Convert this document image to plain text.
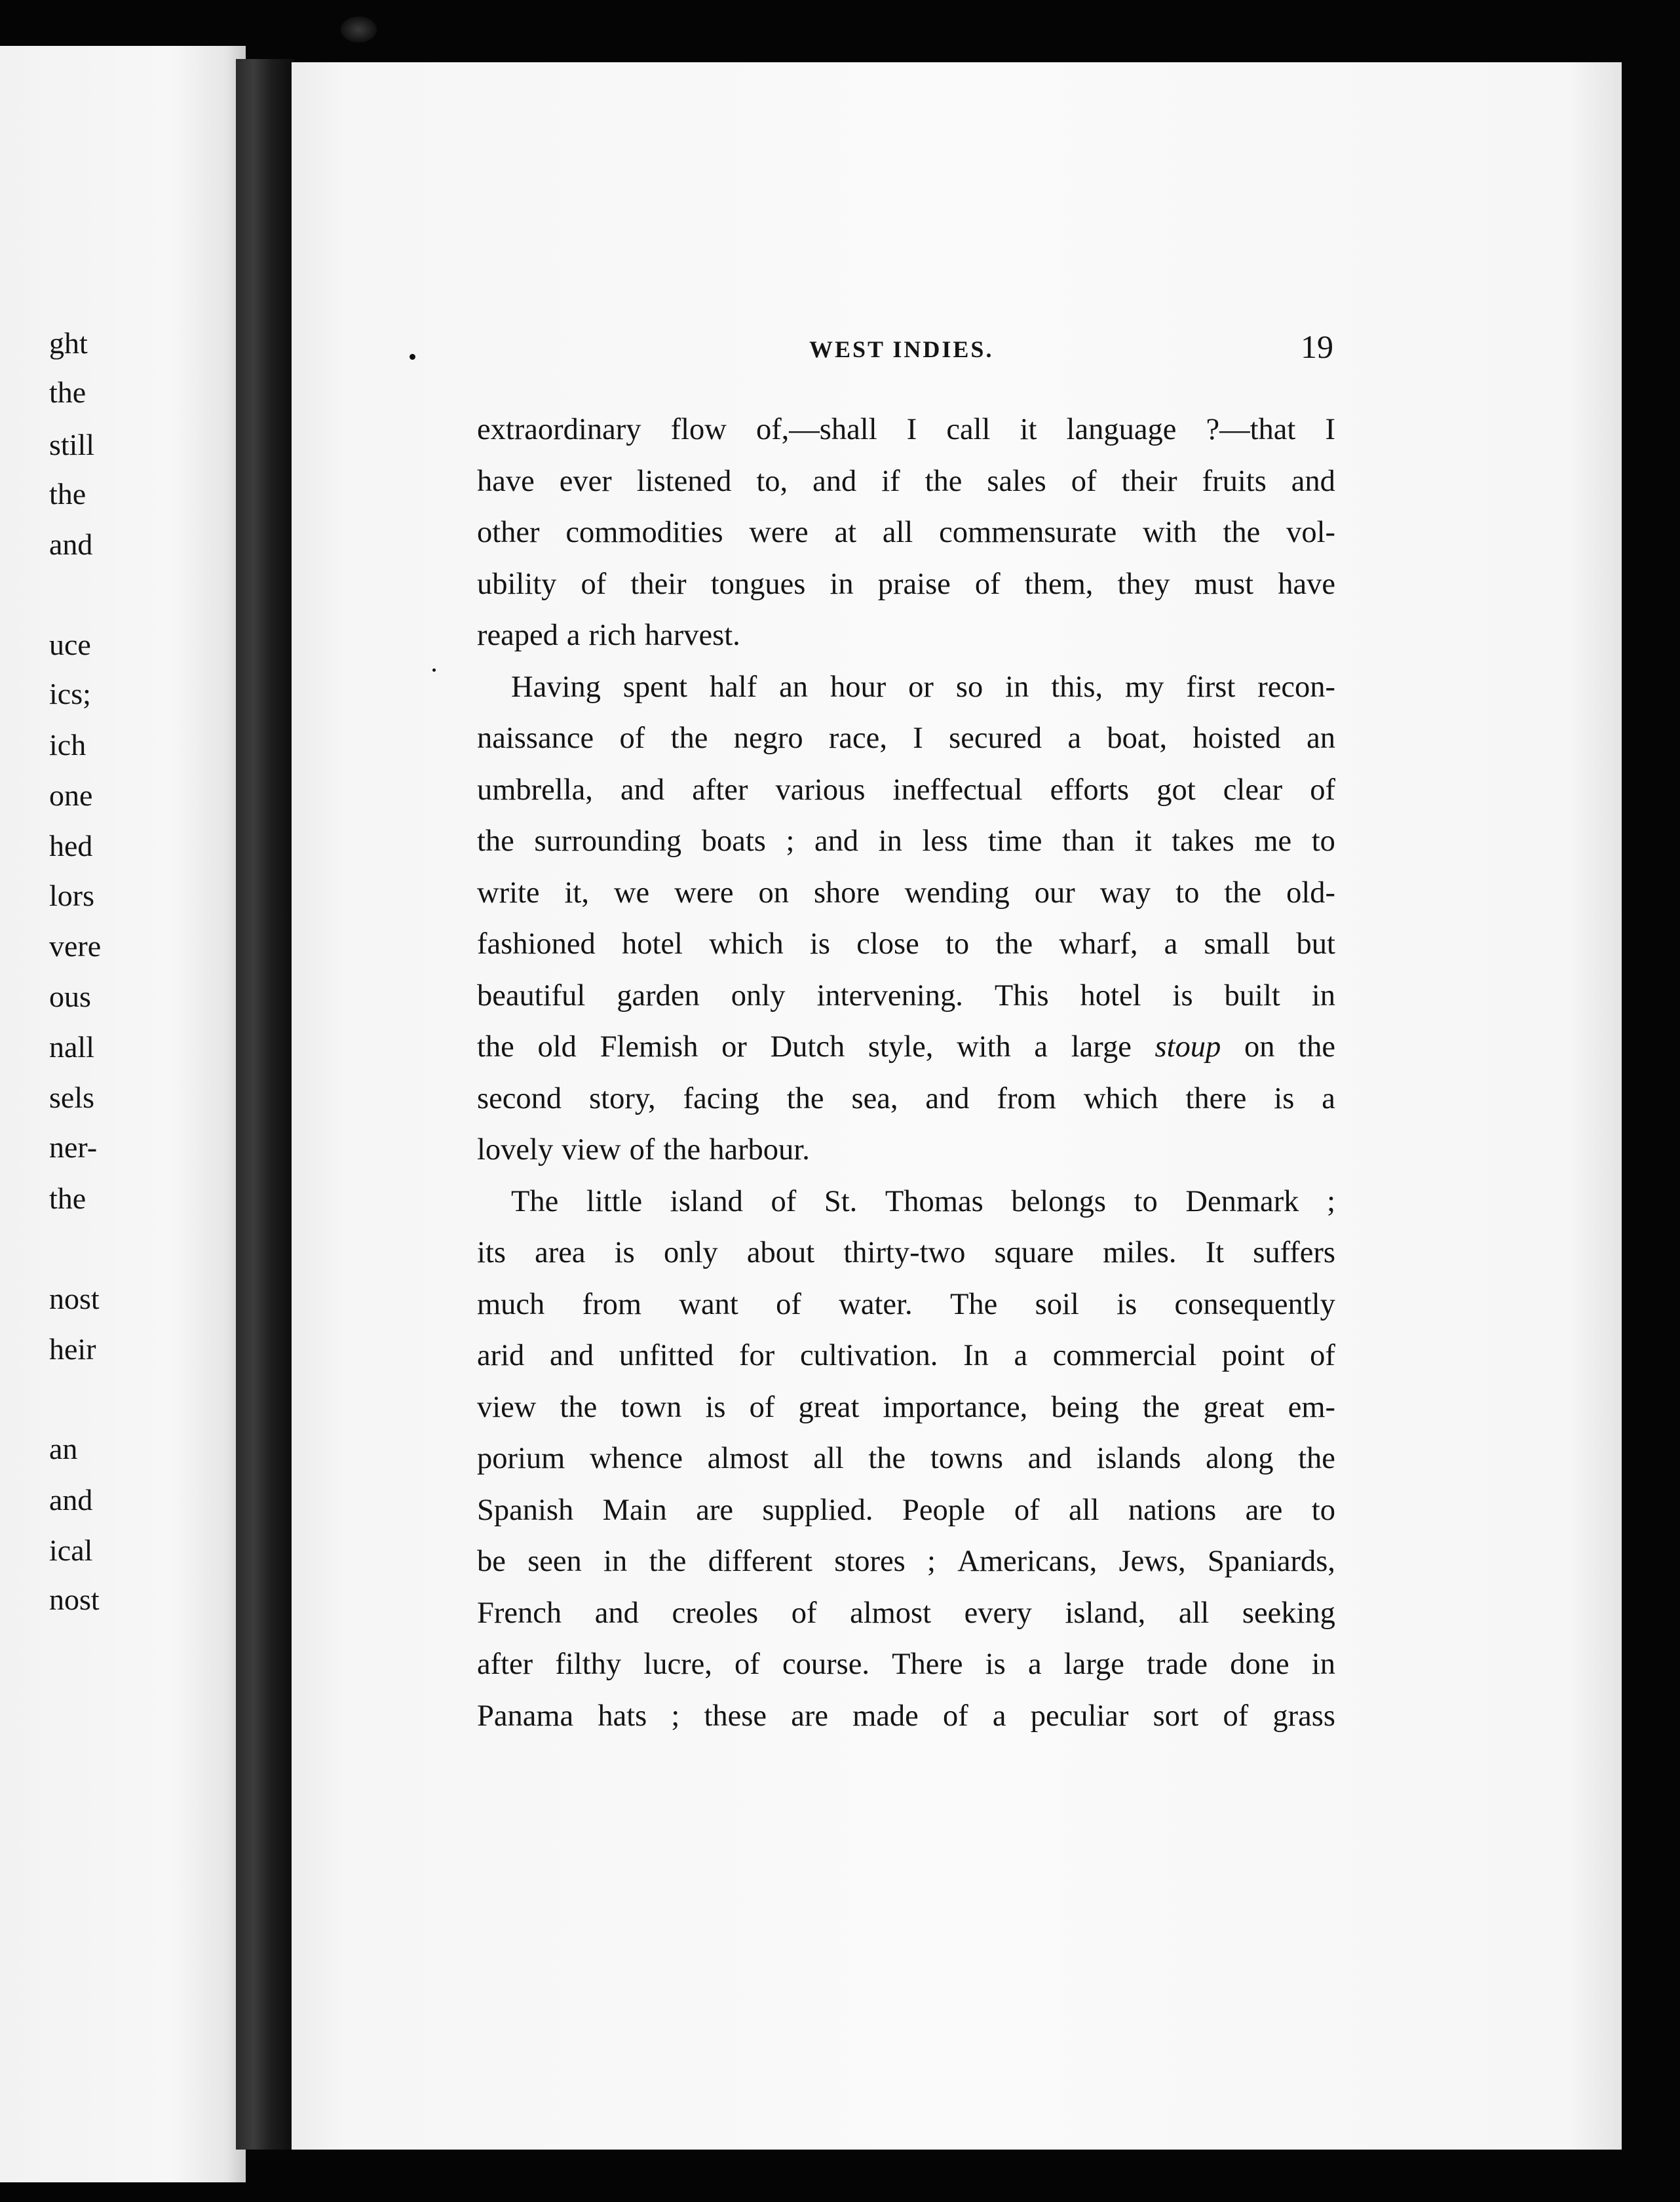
ght
the
still
the
and
uce
ics;
ich
one
hed
lors
vere
ous
nall
sels
ner-
the
nost
heir
an
and
ical
nost
WEST INDIES.	19
extraordinary flow of,—shall I call it language ?—that I
have ever listened to, and if the sales of their fruits and
other commodities were at all commensurate with the vol-
ubility of their tongues in praise of them, they must have
reaped a rich harvest.
Having spent half an hour or so in this, my first recon-
naissance of the negro race, I secured a boat, hoisted an
umbrella, and after various ineffectual efforts got clear of
the surrounding boats ; and in less time than it takes me to
write it, we were on shore wending our way to the old-
fashioned hotel which is close to the wharf, a small but
beautiful garden only intervening. This hotel is built in
the old Flemish or Dutch style, with a large stoup on the
second story, facing the sea, and from which there is a
lovely view of the harbour.
The little island of St. Thomas belongs to Denmark ;
its area is only about thirty-two square miles. It suffers
much from want of water. The soil is consequently
arid and unfitted for cultivation. In a commercial point of
view the town is of great importance, being the great em-
porium whence almost all the towns and islands along the
Spanish Main are supplied. People of all nations are to
be seen in the different stores ; Americans, Jews, Spaniards,
French and creoles of almost every island, all seeking
after filthy lucre, of course. There is a large trade done in
Panama hats ; these are made of a peculiar sort of grass
